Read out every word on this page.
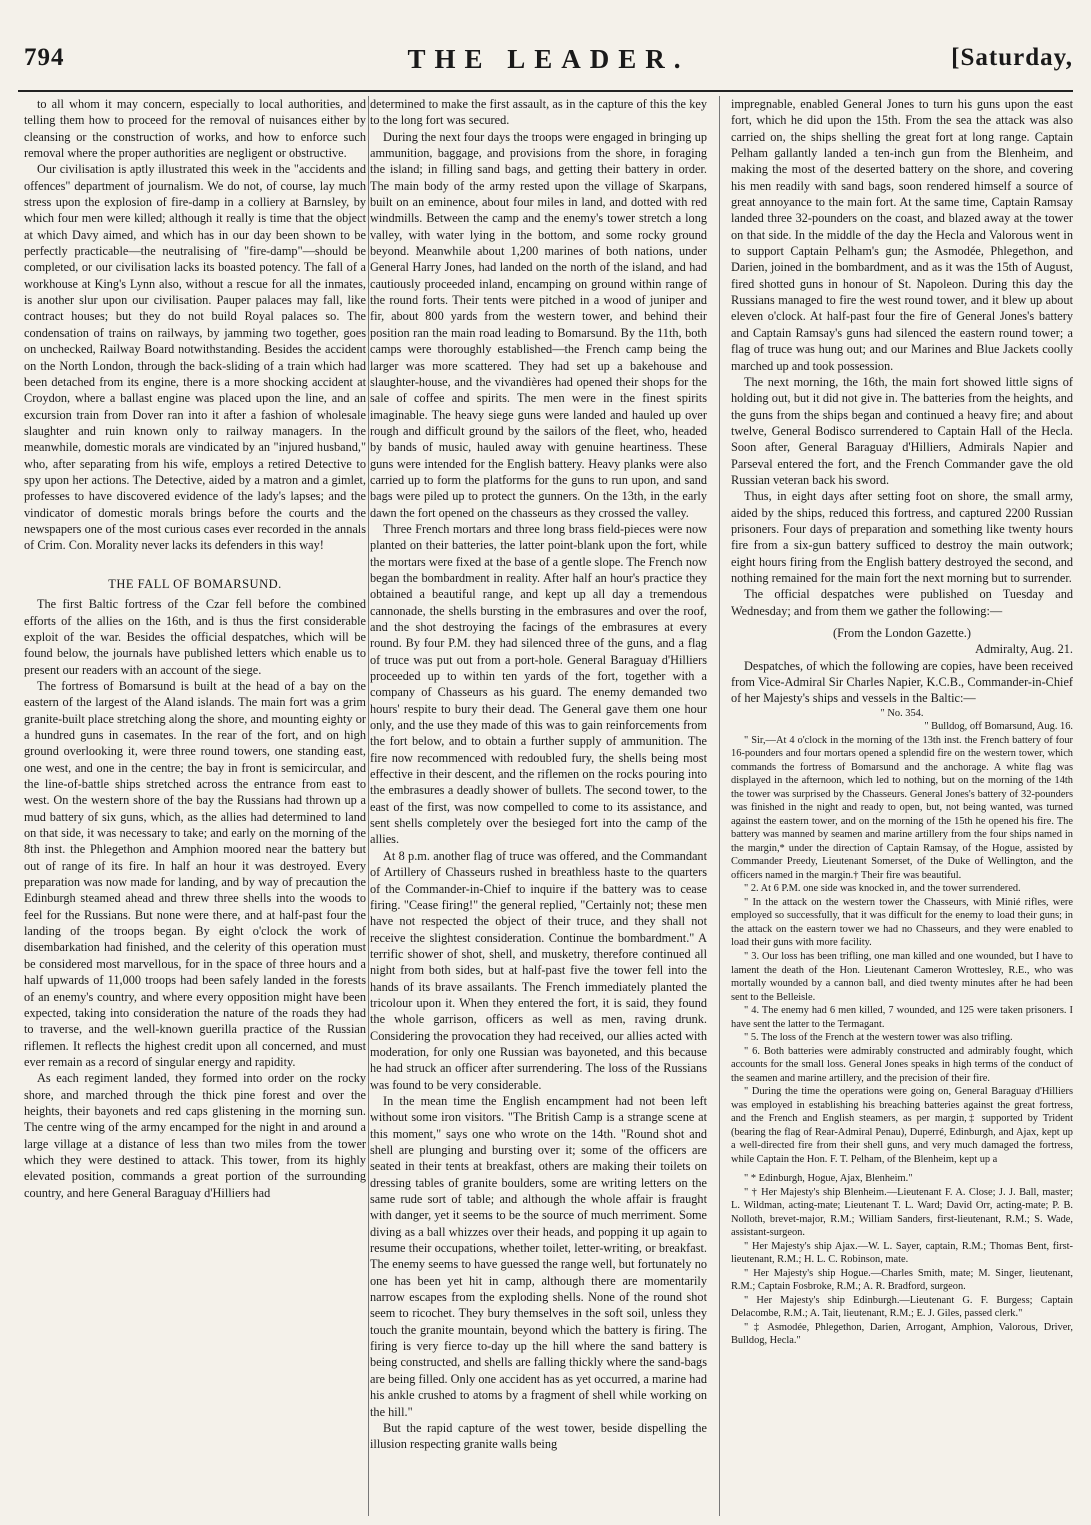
794	THE LEADER.	[Saturday,

to all whom it may concern, especially to local authorities, and telling them how to proceed for the removal of nuisances either by cleansing or the construction of works, and how to enforce such removal where the proper authorities are negligent or obstructive.

Our civilisation is aptly illustrated this week in the "accidents and offences" department of journalism. We do not, of course, lay much stress upon the explosion of fire-damp in a colliery at Barnsley, by which four men were killed; although it really is time that the object at which Davy aimed, and which has in our day been shown to be perfectly practicable—the neutralising of "fire-damp"—should be completed, or our civilisation lacks its boasted potency. The fall of a workhouse at King's Lynn also, without a rescue for all the inmates, is another slur upon our civilisation. Pauper palaces may fall, like contract houses; but they do not build Royal palaces so. The condensation of trains on railways, by jamming two together, goes on unchecked, Railway Board notwithstanding. Besides the accident on the North London, through the back-sliding of a train which had been detached from its engine, there is a more shocking accident at Croydon, where a ballast engine was placed upon the line, and an excursion train from Dover ran into it after a fashion of wholesale slaughter and ruin known only to railway managers. In the meanwhile, domestic morals are vindicated by an "injured husband," who, after separating from his wife, employs a retired Detective to spy upon her actions. The Detective, aided by a matron and a gimlet, professes to have discovered evidence of the lady's lapses; and the vindicator of domestic morals brings before the courts and the newspapers one of the most curious cases ever recorded in the annals of Crim. Con. Morality never lacks its defenders in this way!

THE FALL OF BOMARSUND.

The first Baltic fortress of the Czar fell before the combined efforts of the allies on the 16th, and is thus the first considerable exploit of the war. Besides the official despatches, which will be found below, the journals have published letters which enable us to present our readers with an account of the siege.

The fortress of Bomarsund is built at the head of a bay on the eastern of the largest of the Aland islands. The main fort was a grim granite-built place stretching along the shore, and mounting eighty or a hundred guns in casemates. In the rear of the fort, and on high ground overlooking it, were three round towers, one standing east, one west, and one in the centre; the bay in front is semicircular, and the line-of-battle ships stretched across the entrance from east to west. On the western shore of the bay the Russians had thrown up a mud battery of six guns, which, as the allies had determined to land on that side, it was necessary to take; and early on the morning of the 8th inst. the Phlegethon and Amphion moored near the battery but out of range of its fire. In half an hour it was destroyed. Every preparation was now made for landing, and by way of precaution the Edinburgh steamed ahead and threw three shells into the woods to feel for the Russians. But none were there, and at half-past four the landing of the troops began. By eight o'clock the work of disembarkation had finished, and the celerity of this operation must be considered most marvellous, for in the space of three hours and a half upwards of 11,000 troops had been safely landed in the forests of an enemy's country, and where every opposition might have been expected, taking into consideration the nature of the roads they had to traverse, and the well-known guerilla practice of the Russian riflemen. It reflects the highest credit upon all concerned, and must ever remain as a record of singular energy and rapidity.

As each regiment landed, they formed into order on the rocky shore, and marched through the thick pine forest and over the heights, their bayonets and red caps glistening in the morning sun. The centre wing of the army encamped for the night in and around a large village at a distance of less than two miles from the tower which they were destined to attack. This tower, from its highly elevated position, commands a great portion of the surrounding country, and here General Baraguay d'Hilliers had

determined to make the first assault, as in the capture of this the key to the long fort was secured.

During the next four days the troops were engaged in bringing up ammunition, baggage, and provisions from the shore, in foraging the island; in filling sand bags, and getting their battery in order. The main body of the army rested upon the village of Skarpans, built on an eminence, about four miles in land, and dotted with red windmills. Between the camp and the enemy's tower stretch a long valley, with water lying in the bottom, and some rocky ground beyond. Meanwhile about 1,200 marines of both nations, under General Harry Jones, had landed on the north of the island, and had cautiously proceeded inland, encamping on ground within range of the round forts. Their tents were pitched in a wood of juniper and fir, about 800 yards from the western tower, and behind their position ran the main road leading to Bomarsund. By the 11th, both camps were thoroughly established—the French camp being the larger was more scattered. They had set up a bakehouse and slaughter-house, and the vivandières had opened their shops for the sale of coffee and spirits. The men were in the finest spirits imaginable. The heavy siege guns were landed and hauled up over rough and difficult ground by the sailors of the fleet, who, headed by bands of music, hauled away with genuine heartiness. These guns were intended for the English battery. Heavy planks were also carried up to form the platforms for the guns to run upon, and sand bags were piled up to protect the gunners. On the 13th, in the early dawn the fort opened on the chasseurs as they crossed the valley.

Three French mortars and three long brass field-pieces were now planted on their batteries, the latter point-blank upon the fort, while the mortars were fixed at the base of a gentle slope. The French now began the bombardment in reality. After half an hour's practice they obtained a beautiful range, and kept up all day a tremendous cannonade, the shells bursting in the embrasures and over the roof, and the shot destroying the facings of the embrasures at every round. By four P.M. they had silenced three of the guns, and a flag of truce was put out from a port-hole. General Baraguay d'Hilliers proceeded up to within ten yards of the fort, together with a company of Chasseurs as his guard. The enemy demanded two hours' respite to bury their dead. The General gave them one hour only, and the use they made of this was to gain reinforcements from the fort below, and to obtain a further supply of ammunition. The fire now recommenced with redoubled fury, the shells being most effective in their descent, and the riflemen on the rocks pouring into the embrasures a deadly shower of bullets. The second tower, to the east of the first, was now compelled to come to its assistance, and sent shells completely over the besieged fort into the camp of the allies.

At 8 p.m. another flag of truce was offered, and the Commandant of Artillery of Chasseurs rushed in breathless haste to the quarters of the Commander-in-Chief to inquire if the battery was to cease firing. "Cease firing!" the general replied, "Certainly not; these men have not respected the object of their truce, and they shall not receive the slightest consideration. Continue the bombardment." A terrific shower of shot, shell, and musketry, therefore continued all night from both sides, but at half-past five the tower fell into the hands of its brave assailants. The French immediately planted the tricolour upon it. When they entered the fort, it is said, they found the whole garrison, officers as well as men, raving drunk. Considering the provocation they had received, our allies acted with moderation, for only one Russian was bayoneted, and this because he had struck an officer after surrendering. The loss of the Russians was found to be very considerable.

In the mean time the English encampment had not been left without some iron visitors. "The British Camp is a strange scene at this moment," says one who wrote on the 14th. "Round shot and shell are plunging and bursting over it; some of the officers are seated in their tents at breakfast, others are making their toilets on dressing tables of granite boulders, some are writing letters on the same rude sort of table; and although the whole affair is fraught with danger, yet it seems to be the source of much merriment. Some diving as a ball whizzes over their heads, and popping it up again to resume their occupations, whether toilet, letter-writing, or breakfast. The enemy seems to have guessed the range well, but fortunately no one has been yet hit in camp, although there are momentarily narrow escapes from the exploding shells. None of the round shot seem to ricochet. They bury themselves in the soft soil, unless they touch the granite mountain, beyond which the battery is firing. The firing is very fierce to-day up the hill where the sand battery is being constructed, and shells are falling thickly where the sand-bags are being filled. Only one accident has as yet occurred, a marine had his ankle crushed to atoms by a fragment of shell while working on the hill."

But the rapid capture of the west tower, beside dispelling the illusion respecting granite walls being

impregnable, enabled General Jones to turn his guns upon the east fort, which he did upon the 15th. From the sea the attack was also carried on, the ships shelling the great fort at long range. Captain Pelham gallantly landed a ten-inch gun from the Blenheim, and making the most of the deserted battery on the shore, and covering his men readily with sand bags, soon rendered himself a source of great annoyance to the main fort. At the same time, Captain Ramsay landed three 32-pounders on the coast, and blazed away at the tower on that side. In the middle of the day the Hecla and Valorous went in to support Captain Pelham's gun; the Asmodée, Phlegethon, and Darien, joined in the bombardment, and as it was the 15th of August, fired shotted guns in honour of St. Napoleon. During this day the Russians managed to fire the west round tower, and it blew up about eleven o'clock. At half-past four the fire of General Jones's battery and Captain Ramsay's guns had silenced the eastern round tower; a flag of truce was hung out; and our Marines and Blue Jackets coolly marched up and took possession.

The next morning, the 16th, the main fort showed little signs of holding out, but it did not give in. The batteries from the heights, and the guns from the ships began and continued a heavy fire; and about twelve, General Bodisco surrendered to Captain Hall of the Hecla. Soon after, General Baraguay d'Hilliers, Admirals Napier and Parseval entered the fort, and the French Commander gave the old Russian veteran back his sword.

Thus, in eight days after setting foot on shore, the small army, aided by the ships, reduced this fortress, and captured 2200 Russian prisoners. Four days of preparation and something like twenty hours fire from a six-gun battery sufficed to destroy the main outwork; eight hours firing from the English battery destroyed the second, and nothing remained for the main fort the next morning but to surrender.

The official despatches were published on Tuesday and Wednesday; and from them we gather the following:—

(From the London Gazette.)

Admiralty, Aug. 21.

Despatches, of which the following are copies, have been received from Vice-Admiral Sir Charles Napier, K.C.B., Commander-in-Chief of her Majesty's ships and vessels in the Baltic:—

" No. 354.

" Bulldog, off Bomarsund, Aug. 16.

" Sir,—At 4 o'clock in the morning of the 13th inst. the French battery of four 16-pounders and four mortars opened a splendid fire on the western tower, which commands the fortress of Bomarsund and the anchorage. A white flag was displayed in the afternoon, which led to nothing, but on the morning of the 14th the tower was surprised by the Chasseurs. General Jones's battery of 32-pounders was finished in the night and ready to open, but, not being wanted, was turned against the eastern tower, and on the morning of the 15th he opened his fire. The battery was manned by seamen and marine artillery from the four ships named in the margin,* under the direction of Captain Ramsay, of the Hogue, assisted by Commander Preedy, Lieutenant Somerset, of the Duke of Wellington, and the officers named in the margin.† Their fire was beautiful.

" 2. At 6 P.M. one side was knocked in, and the tower surrendered.

" In the attack on the western tower the Chasseurs, with Minié rifles, were employed so successfully, that it was difficult for the enemy to load their guns; in the attack on the eastern tower we had no Chasseurs, and they were enabled to load their guns with more facility.

" 3. Our loss has been trifling, one man killed and one wounded, but I have to lament the death of the Hon. Lieutenant Cameron Wrottesley, R.E., who was mortally wounded by a cannon ball, and died twenty minutes after he had been sent to the Belleisle.

" 4. The enemy had 6 men killed, 7 wounded, and 125 were taken prisoners. I have sent the latter to the Termagant.

" 5. The loss of the French at the western tower was also trifling.

" 6. Both batteries were admirably constructed and admirably fought, which accounts for the small loss. General Jones speaks in high terms of the conduct of the seamen and marine artillery, and the precision of their fire.

" During the time the operations were going on, General Baraguay d'Hilliers was employed in establishing his breaching batteries against the great fortress, and the French and English steamers, as per margin,‡ supported by Trident (bearing the flag of Rear-Admiral Penau), Duperré, Edinburgh, and Ajax, kept up a well-directed fire from their shell guns, and very much damaged the fortress, while Captain the Hon. F. T. Pelham, of the Blenheim, kept up a

" * Edinburgh, Hogue, Ajax, Blenheim."

" † Her Majesty's ship Blenheim.—Lieutenant F. A. Close; J. J. Ball, master; L. Wildman, acting-mate; Lieutenant T. L. Ward; David Orr, acting-mate; P. B. Nolloth, brevet-major, R.M.; William Sanders, first-lieutenant, R.M.; S. Wade, assistant-surgeon.

" Her Majesty's ship Ajax.—W. L. Sayer, captain, R.M.; Thomas Bent, first-lieutenant, R.M.; H. L. C. Robinson, mate.

" Her Majesty's ship Hogue.—Charles Smith, mate; M. Singer, lieutenant, R.M.; Captain Fosbroke, R.M.; A. R. Bradford, surgeon.

" Her Majesty's ship Edinburgh.—Lieutenant G. F. Burgess; Captain Delacombe, R.M.; A. Tait, lieutenant, R.M.; E. J. Giles, passed clerk."

" ‡ Asmodée, Phlegethon, Darien, Arrogant, Amphion, Valorous, Driver, Bulldog, Hecla."
